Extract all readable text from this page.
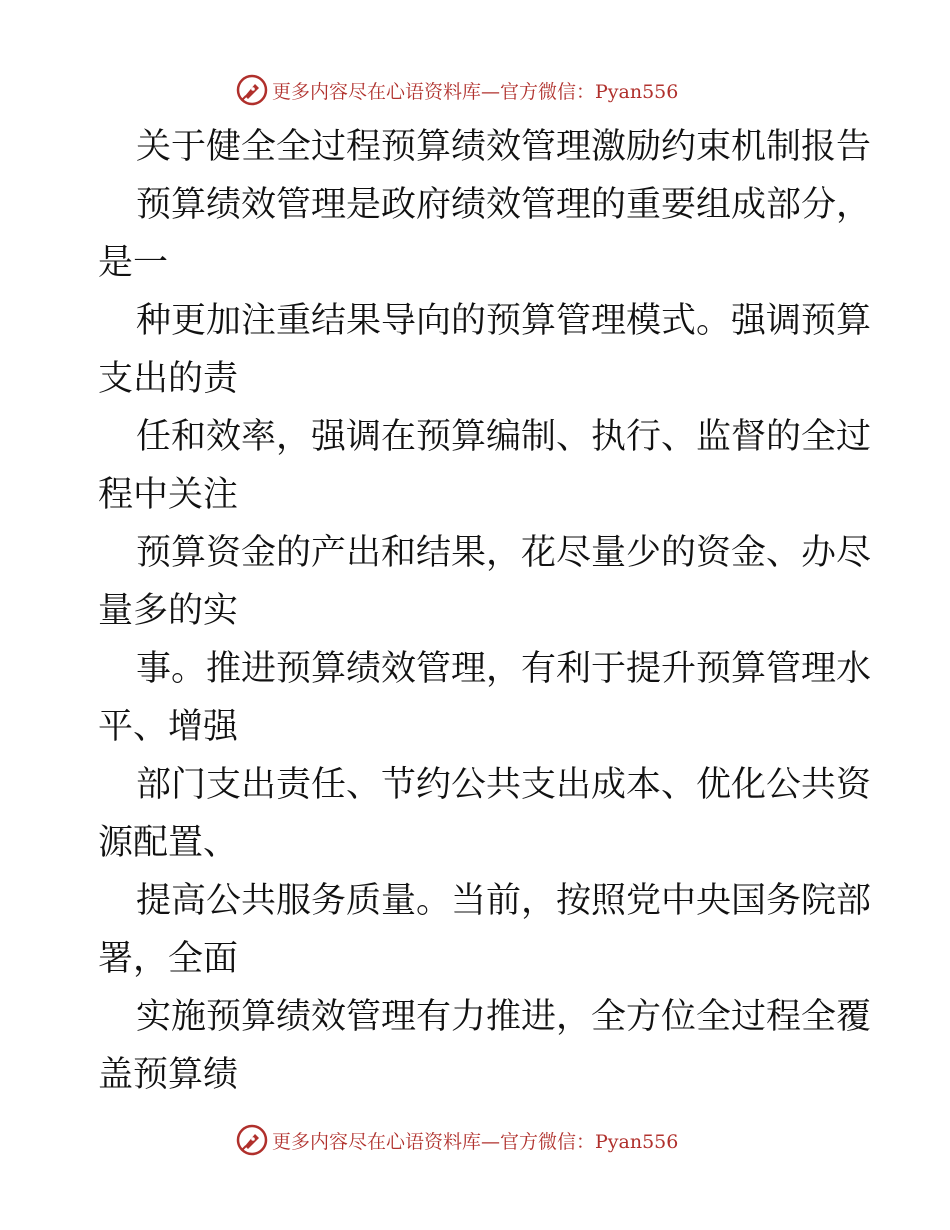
更多内容尽在心语资料库—官方微信：Pyan556
关于健全全过程预算绩效管理激励约束机制报告
预算绩效管理是政府绩效管理的重要组成部分，
是一
种更加注重结果导向的预算管理模式。强调预算
支出的责
任和效率，强调在预算编制、执行、监督的全过
程中关注
预算资金的产出和结果，花尽量少的资金、办尽
量多的实
事。推进预算绩效管理，有利于提升预算管理水
平、增强
部门支出责任、节约公共支出成本、优化公共资
源配置、
提高公共服务质量。当前，按照党中央国务院部
署，全面
实施预算绩效管理有力推进，全方位全过程全覆
盖预算绩
更多内容尽在心语资料库—官方微信：Pyan556
